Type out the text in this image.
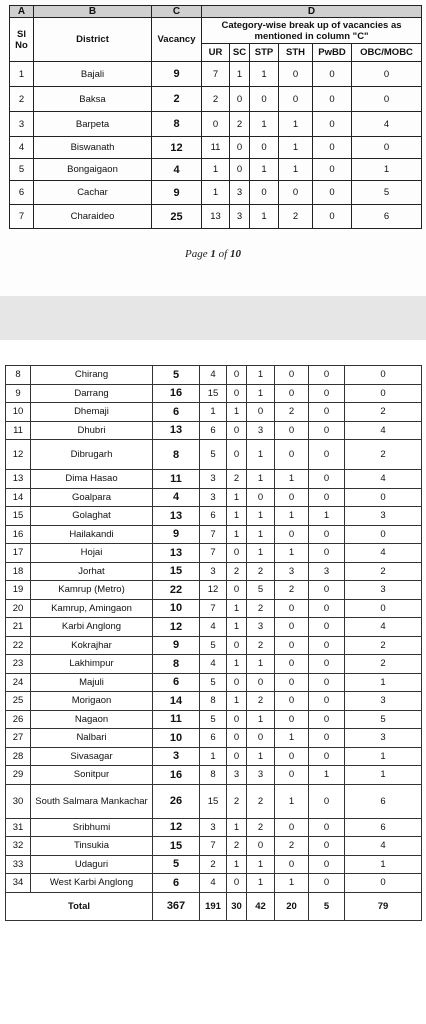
A	B	C	D					
Sl No	District	Vacancy	Category-wise break up of vacancies as mentioned in column "C"					
			UR	SC	STP	STH	PwBD	OBC/MOBC
1	Bajali	9	7	1	1	0	0	0
2	Baksa	2	2	0	0	0	0	0
3	Barpeta	8	0	2	1	1	0	4
4	Biswanath	12	11	0	0	1	0	0
5	Bongaigaon	4	1	0	1	1	0	1
6	Cachar	9	1	3	0	0	0	5
7	Charaideo	25	13	3	1	2	0	6
Page 1 of 10
8	Chirang	5	4	0	1	0	0	0
9	Darrang	16	15	0	1	0	0	0
10	Dhemaji	6	1	1	0	2	0	2
11	Dhubri	13	6	0	3	0	0	4
12	Dibrugarh	8	5	0	1	0	0	2
13	Dima Hasao	11	3	2	1	1	0	4
14	Goalpara	4	3	1	0	0	0	0
15	Golaghat	13	6	1	1	1	1	3
16	Hailakandi	9	7	1	1	0	0	0
17	Hojai	13	7	0	1	1	0	4
18	Jorhat	15	3	2	2	3	3	2
19	Kamrup (Metro)	22	12	0	5	2	0	3
20	Kamrup, Amingaon	10	7	1	2	0	0	0
21	Karbi Anglong	12	4	1	3	0	0	4
22	Kokrajhar	9	5	0	2	0	0	2
23	Lakhimpur	8	4	1	1	0	0	2
24	Majuli	6	5	0	0	0	0	1
25	Morigaon	14	8	1	2	0	0	3
26	Nagaon	11	5	0	1	0	0	5
27	Nalbari	10	6	0	0	1	0	3
28	Sivasagar	3	1	0	1	0	0	1
29	Sonitpur	16	8	3	3	0	1	1
30	South Salmara Mankachar	26	15	2	2	1	0	6
31	Sribhumi	12	3	1	2	0	0	6
32	Tinsukia	15	7	2	0	2	0	4
33	Udaguri	5	2	1	1	0	0	1
34	West Karbi Anglong	6	4	0	1	1	0	0
Total		367	191	30	42	20	5	79
